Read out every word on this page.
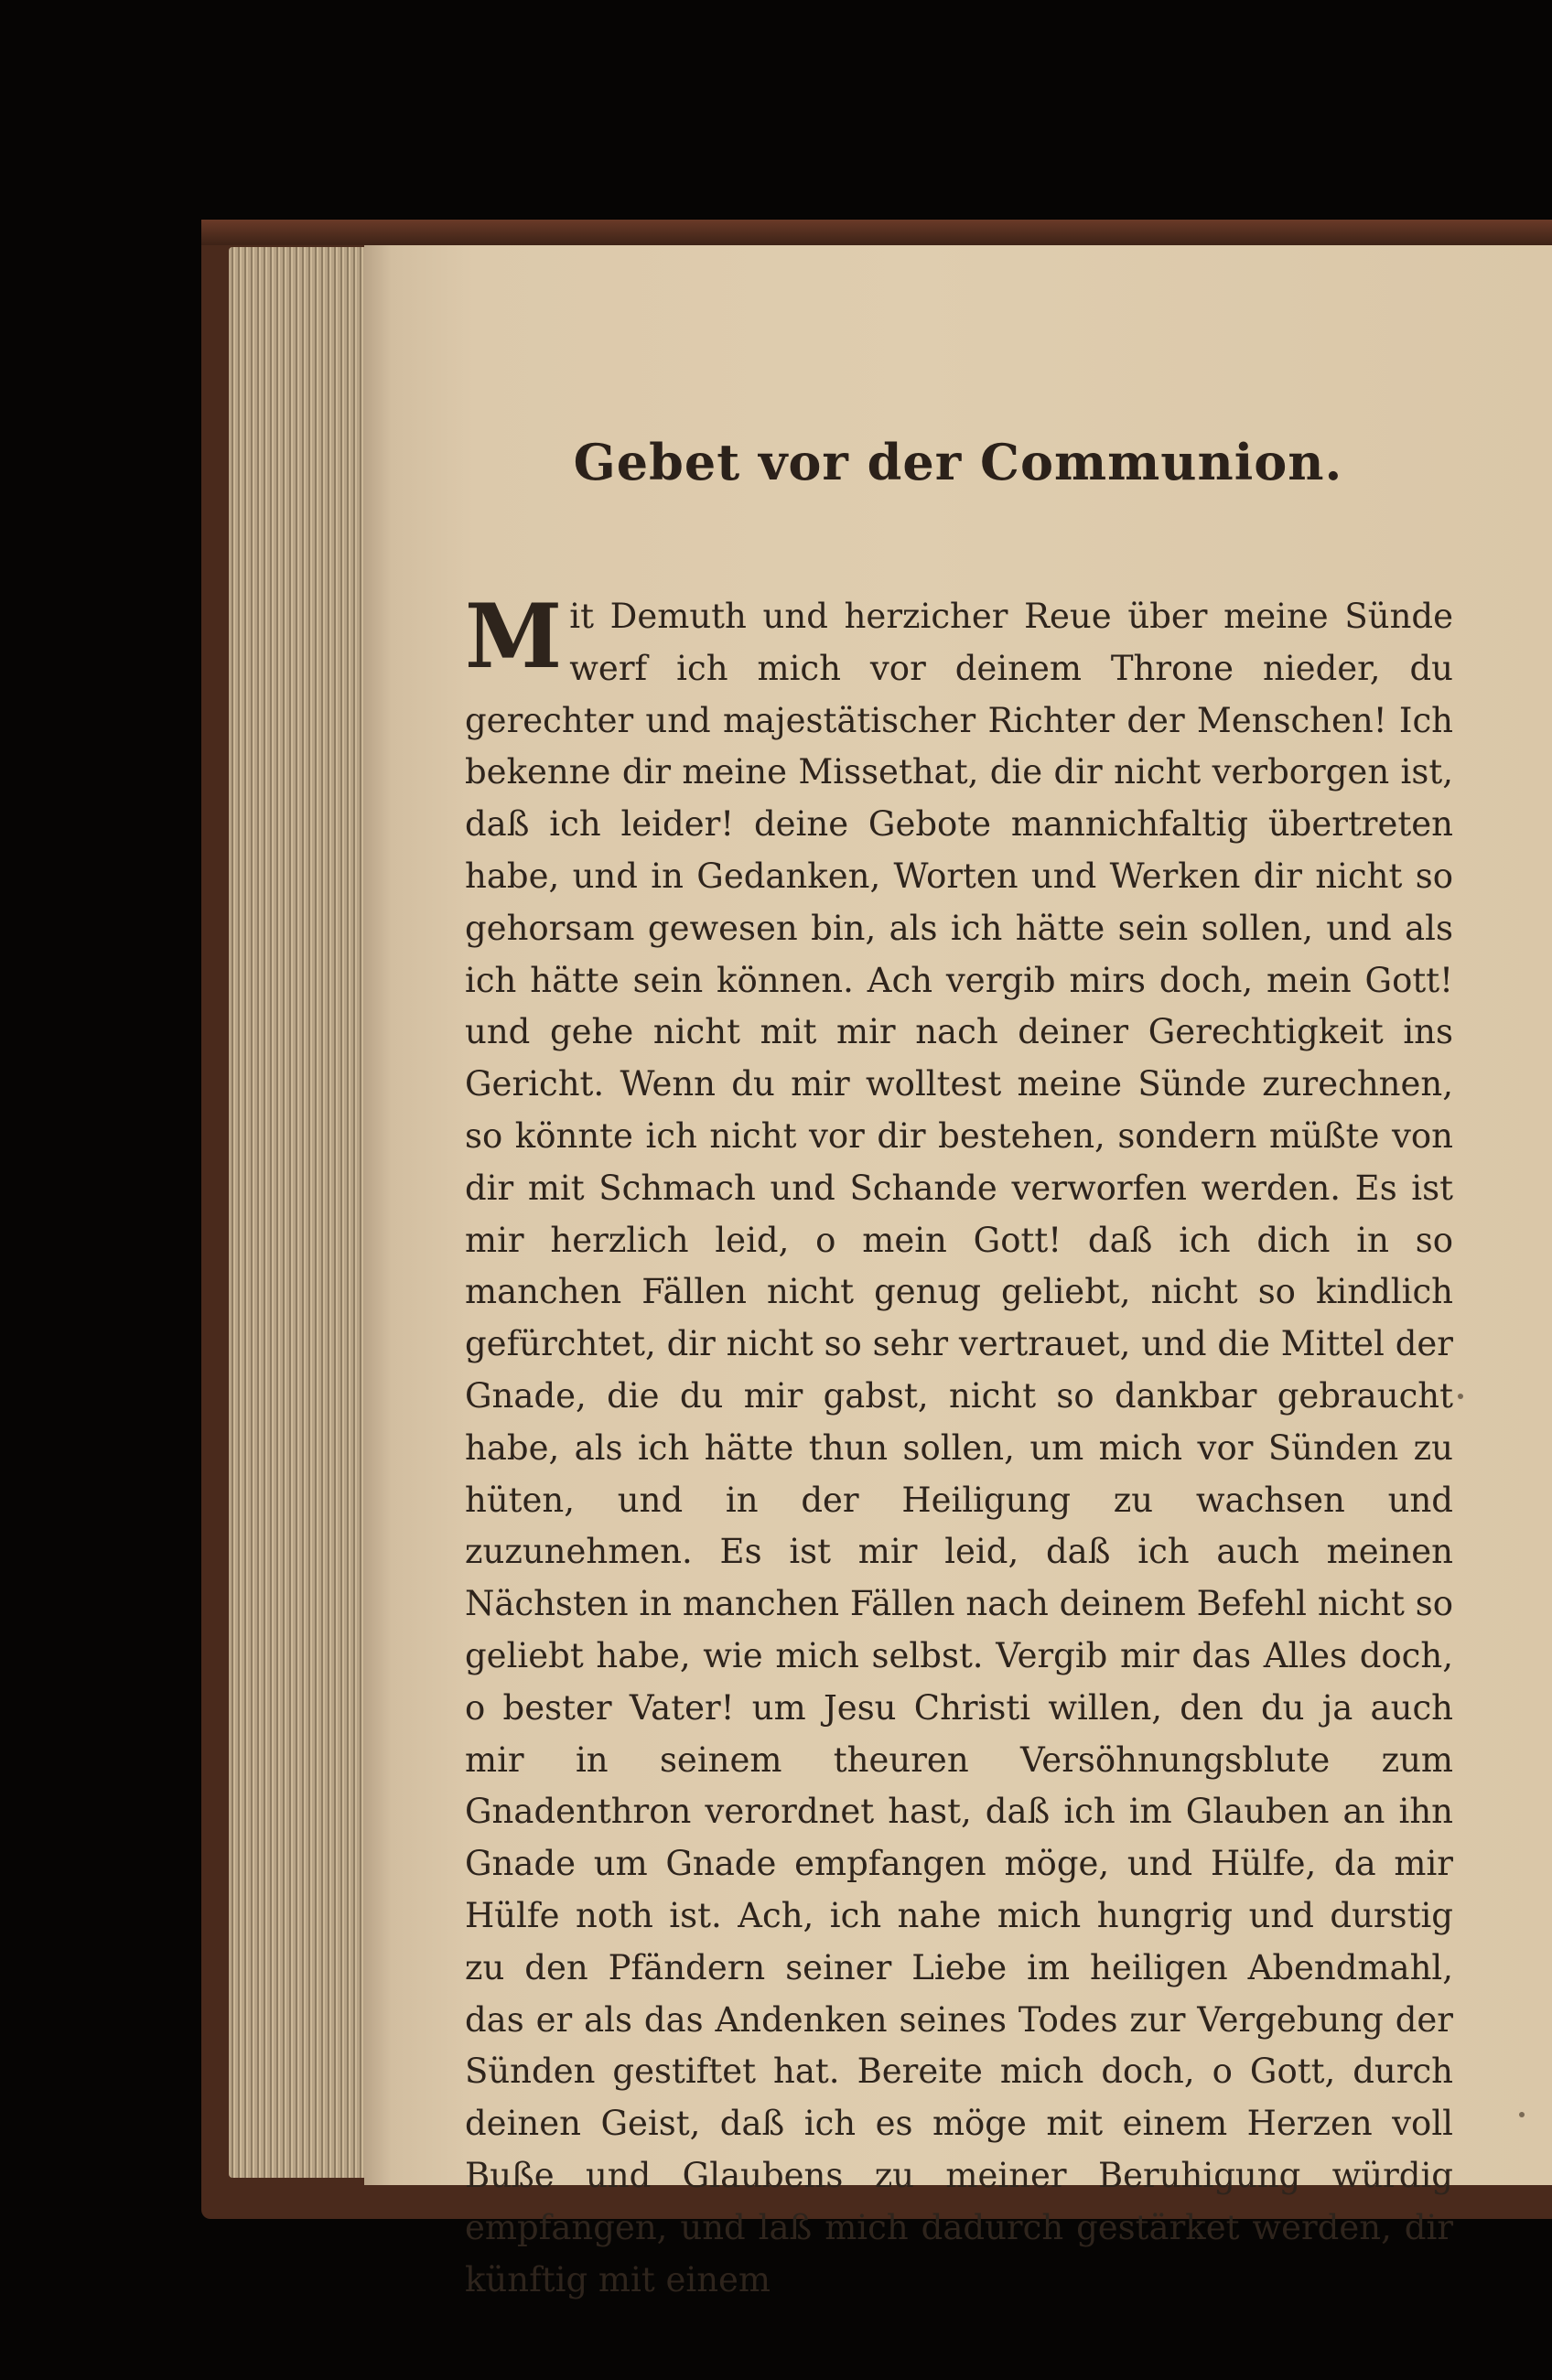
Gebet vor der Communion.

Mit Demuth und herzicher Reue über meine Sünde werf ich mich vor deinem Throne nieder, du gerechter und majestätischer Richter der Menschen! Ich bekenne dir meine Missethat, die dir nicht verborgen ist, daß ich leider! deine Gebote mannichfaltig übertreten habe, und in Gedanken, Worten und Werken dir nicht so gehorsam gewesen bin, als ich hätte sein sollen, und als ich hätte sein können. Ach vergib mirs doch, mein Gott! und gehe nicht mit mir nach deiner Gerechtigkeit ins Gericht. Wenn du mir wolltest meine Sünde zurechnen, so könnte ich nicht vor dir bestehen, sondern müßte von dir mit Schmach und Schande verworfen werden. Es ist mir herzlich leid, o mein Gott! daß ich dich in so manchen Fällen nicht genug geliebt, nicht so kindlich gefürchtet, dir nicht so sehr vertrauet, und die Mittel der Gnade, die du mir gabst, nicht so dankbar gebraucht habe, als ich hätte thun sollen, um mich vor Sünden zu hüten, und in der Heiligung zu wachsen und zuzunehmen. Es ist mir leid, daß ich auch meinen Nächsten in manchen Fällen nach deinem Befehl nicht so geliebt habe, wie mich selbst. Vergib mir das Alles doch, o bester Vater! um Jesu Christi willen, den du ja auch mir in seinem theuren Versöhnungsblute zum Gnadenthron verordnet hast, daß ich im Glauben an ihn Gnade um Gnade empfangen möge, und Hülfe, da mir Hülfe noth ist. Ach, ich nahe mich hungrig und durstig zu den Pfändern seiner Liebe im heiligen Abendmahl, das er als das Andenken seines Todes zur Vergebung der Sünden gestiftet hat. Bereite mich doch, o Gott, durch deinen Geist, daß ich es möge mit einem Herzen voll Buße und Glaubens zu meiner Beruhigung würdig empfangen, und laß mich dadurch gestärket werden, dir künftig mit einem
